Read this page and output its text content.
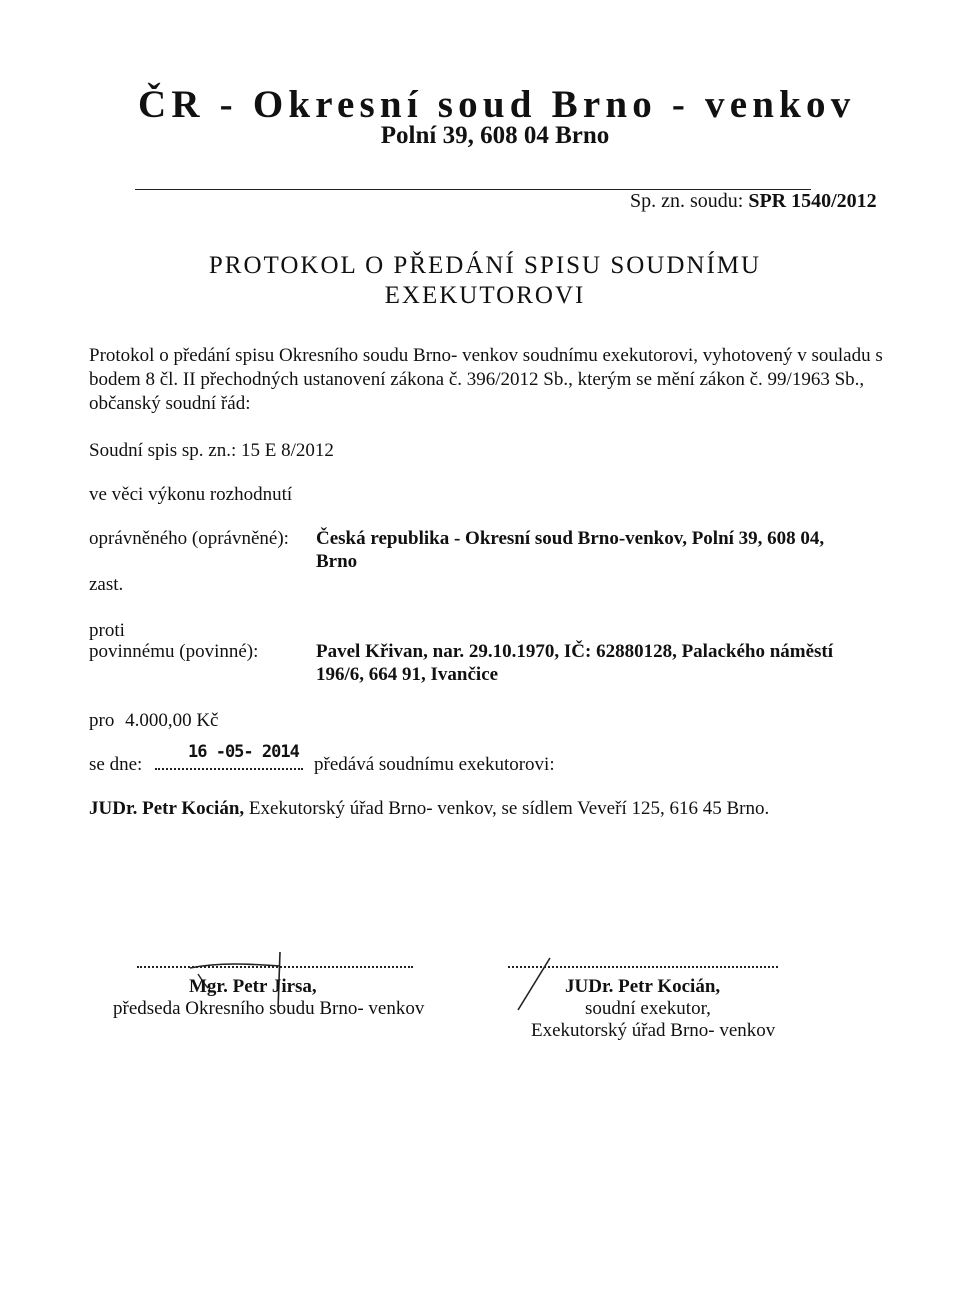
ČR - Okresní soud Brno - venkov
Polní 39, 608 04 Brno
Sp. zn. soudu: SPR 1540/2012
PROTOKOL O PŘEDÁNÍ SPISU SOUDNÍMU
EXEKUTOROVI
Protokol o předání spisu Okresního soudu Brno- venkov soudnímu exekutorovi, vyhotovený v souladu s bodem 8 čl. II přechodných ustanovení zákona č. 396/2012 Sb., kterým se mění zákon č. 99/1963 Sb., občanský soudní řád:
Soudní spis sp. zn.: 15 E 8/2012
ve věci výkonu rozhodnutí
oprávněného (oprávněné): Česká republika - Okresní soud Brno-venkov, Polní 39, 608 04,
Brno
zast.
proti
povinnému (povinné):	Pavel Křivan, nar. 29.10.1970, IČ: 62880128, Palackého náměstí
196/6, 664 91, Ivančice
pro 4.000,00 Kč
se dne:
16 -05- 2014
předává soudnímu exekutorovi:
JUDr. Petr Kocián, Exekutorský úřad Brno- venkov, se sídlem Veveří 125, 616 45 Brno.
Mgr. Petr Jirsa,
předseda Okresního soudu Brno- venkov
JUDr. Petr Kocián,
soudní exekutor,
Exekutorský úřad Brno- venkov
